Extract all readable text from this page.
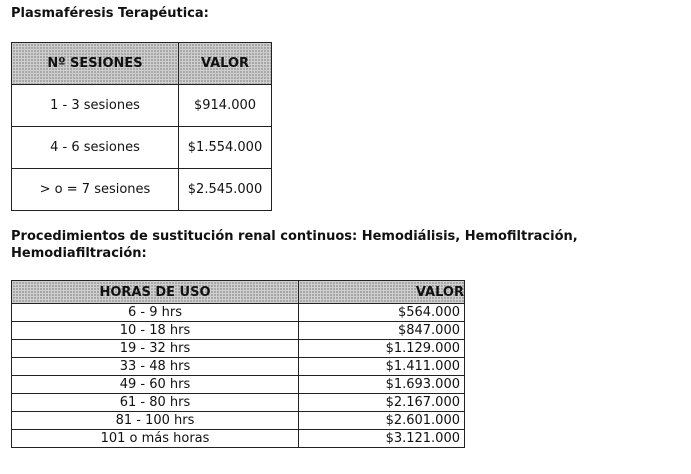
Plasmaféresis Terapéutica:
Nº SESIONES	VALOR
1 - 3 sesiones	$914.000
4 - 6 sesiones	$1.554.000
> o = 7 sesiones	$2.545.000
Procedimientos de sustitución renal continuos: Hemodiálisis, Hemofiltración, Hemodiafiltración:
HORAS DE USO	VALOR
6 - 9 hrs	$564.000
10 - 18 hrs	$847.000
19 - 32 hrs	$1.129.000
33 - 48 hrs	$1.411.000
49 - 60 hrs	$1.693.000
61 - 80 hrs	$2.167.000
81 - 100 hrs	$2.601.000
101 o más horas	$3.121.000
